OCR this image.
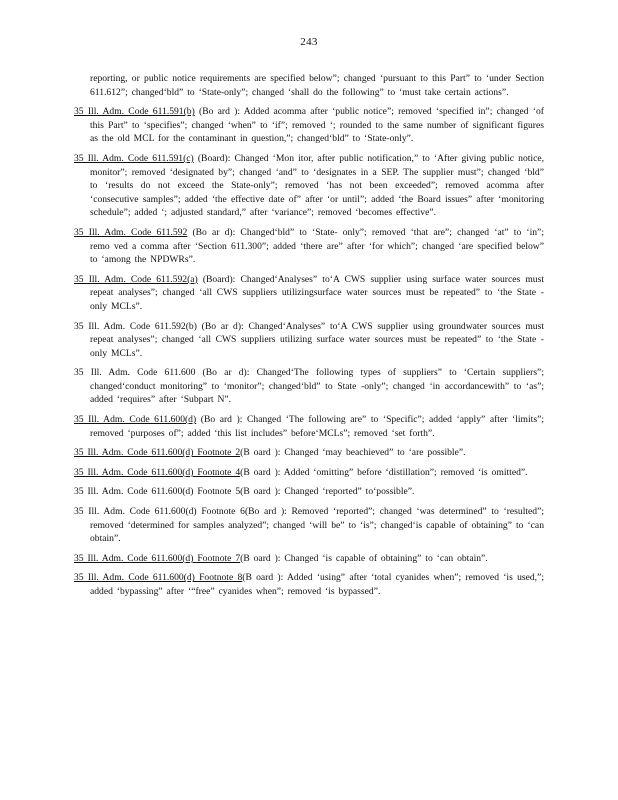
243
reporting, or public notice requirements are specified below”; changed ‘pursuant to this Part” to ‘under Section 611.612”; changed‘bld” to ‘State-only”; changed ‘shall do the following” to ‘must take certain actions”.
35 Ill. Adm. Code 611.591(b) (Bo ard ): Added acomma after ‘public notice”; removed ‘specified in”; changed ‘of this Part” to ‘specifies”; changed ‘when” to ‘if”; removed ‘; rounded to the same number of significant figures as the old MCL for the contaminant in question,”; changed‘bld” to ‘State-only”.
35 Ill. Adm. Code 611.591(c) (Board): Changed ‘Mon itor, after public notification,” to ‘After giving public notice, monitor”; removed ‘designated by”; changed ‘and” to ‘designates in a SEP. The supplier must”; changed ‘bld” to ‘results do not exceed the State-only”; removed ‘has not been exceeded”; removed acomma after ‘consecutive samples”; added ‘the effective date of” after ‘or until”; added ‘the Board issues” after ‘monitoring schedule”; added ‘; adjusted standard,” after ‘variance”; removed ‘becomes effective”.
35 Ill. Adm. Code 611.592 (Bo ar d): Changed‘bld” to ‘State- only”; removed ‘that are”; changed ‘at” to ‘in”; remo ved a comma after ‘Section 611.300”; added ‘there are” after ‘for which”; changed ‘are specified below” to ‘among the NPDWRs”.
35 Ill. Adm. Code 611.592(a) (Board): Changed‘Analyses” to‘A CWS supplier using surface water sources must repeat analyses”; changed ‘all CWS suppliers utilizingsurface water sources must be repeated” to ‘the State -only MCLs”.
35 Ill. Adm. Code 611.592(b) (Bo ar d): Changed‘Analyses” to‘A CWS supplier using groundwater sources must repeat analyses”; changed ‘all CWS suppliers utilizing surface water sources must be repeated” to ‘the State -only MCLs”.
35 Ill. Adm. Code 611.600 (Bo ar d): Changed‘The following types of suppliers” to ‘Certain suppliers”; changed‘conduct monitoring” to ‘monitor”; changed‘bld” to State -only”; changed ‘in accordancewith” to ‘as”; added ‘requires” after ‘Subpart N”.
35 Ill. Adm. Code 611.600(d) (Bo ard ): Changed ‘The following are” to ‘Specific”; added ‘apply” after ‘limits”; removed ‘purposes of”; added ‘this list includes” before‘MCLs”; removed ‘set forth”.
35 Ill. Adm. Code 611.600(d) Footnote 2(B oard ): Changed ‘may beachieved” to ‘are possible”.
35 Ill. Adm. Code 611.600(d) Footnote 4(B oard ): Added ‘omitting” before ‘distillation”; removed ‘is omitted”.
35 Ill. Adm. Code 611.600(d) Footnote 5(B oard ): Changed ‘reported” to‘possible”.
35 Ill. Adm. Code 611.600(d) Footnote 6(Bo ard ): Removed ‘reported”; changed ‘was determined” to ‘resulted”; removed ‘determined for samples analyzed”; changed ‘will be” to ‘is”; changed‘is capable of obtaining” to ‘can obtain”.
35 Ill. Adm. Code 611.600(d) Footnote 7(B oard ): Changed ‘is capable of obtaining” to ‘can obtain”.
35 Ill. Adm. Code 611.600(d) Footnote 8(B oard ): Added ‘using” after ‘total cyanides when”; removed ‘is used,”; added ‘bypassing” after ‘“free” cyanides when”; removed ‘is bypassed”.
